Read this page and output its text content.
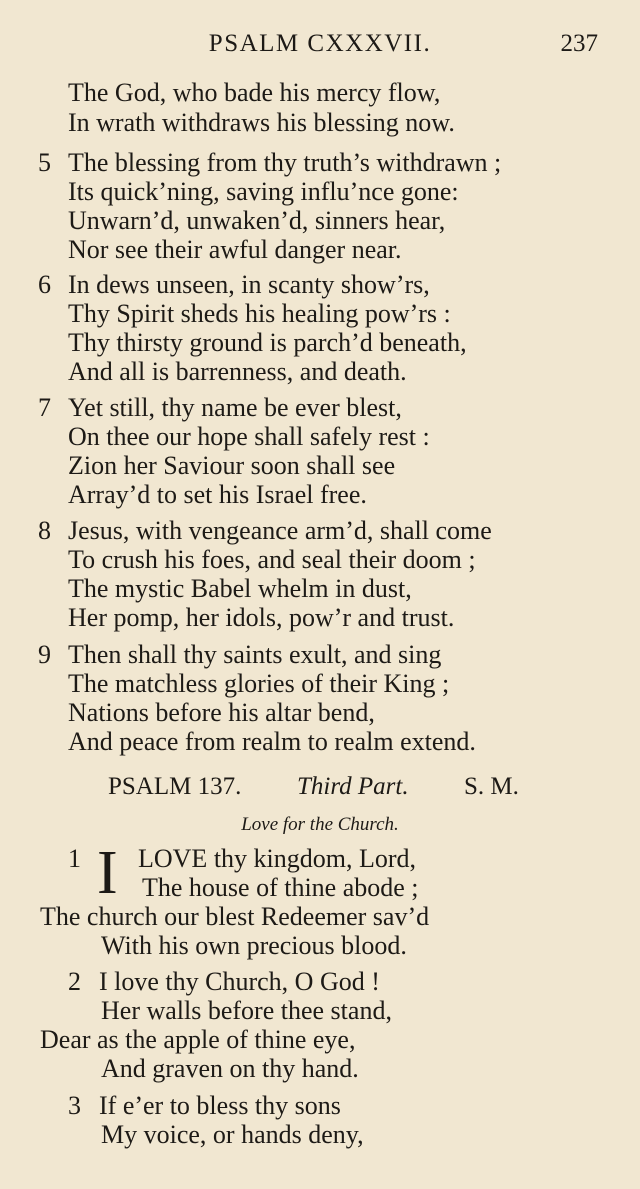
PSALM CXXXVII.	237
The God, who bade his mercy flow,
In wrath withdraws his blessing now.
5 The blessing from thy truth’s withdrawn ;
Its quick’ning, saving influ’nce gone:
Unwarn’d, unwaken’d, sinners hear,
Nor see their awful danger near.
6 In dews unseen, in scanty show’rs,
Thy Spirit sheds his healing pow’rs :
Thy thirsty ground is parch’d beneath,
And all is barrenness, and death.
7 Yet still, thy name be ever blest,
On thee our hope shall safely rest :
Zion her Saviour soon shall see
Array’d to set his Israel free.
8 Jesus, with vengeance arm’d, shall come
To crush his foes, and seal their doom ;
The mystic Babel whelm in dust,
Her pomp, her idols, pow’r and trust.
9 Then shall thy saints exult, and sing
The matchless glories of their King ;
Nations before his altar bend,
And peace from realm to realm extend.
PSALM 137. Third Part. S. M.
Love for the Church.
1 I LOVE thy kingdom, Lord,
The house of thine abode ;
The church our blest Redeemer sav’d
With his own precious blood.
2 I love thy Church, O God !
Her walls before thee stand,
Dear as the apple of thine eye,
And graven on thy hand.
3 If e’er to bless thy sons
My voice, or hands deny,
